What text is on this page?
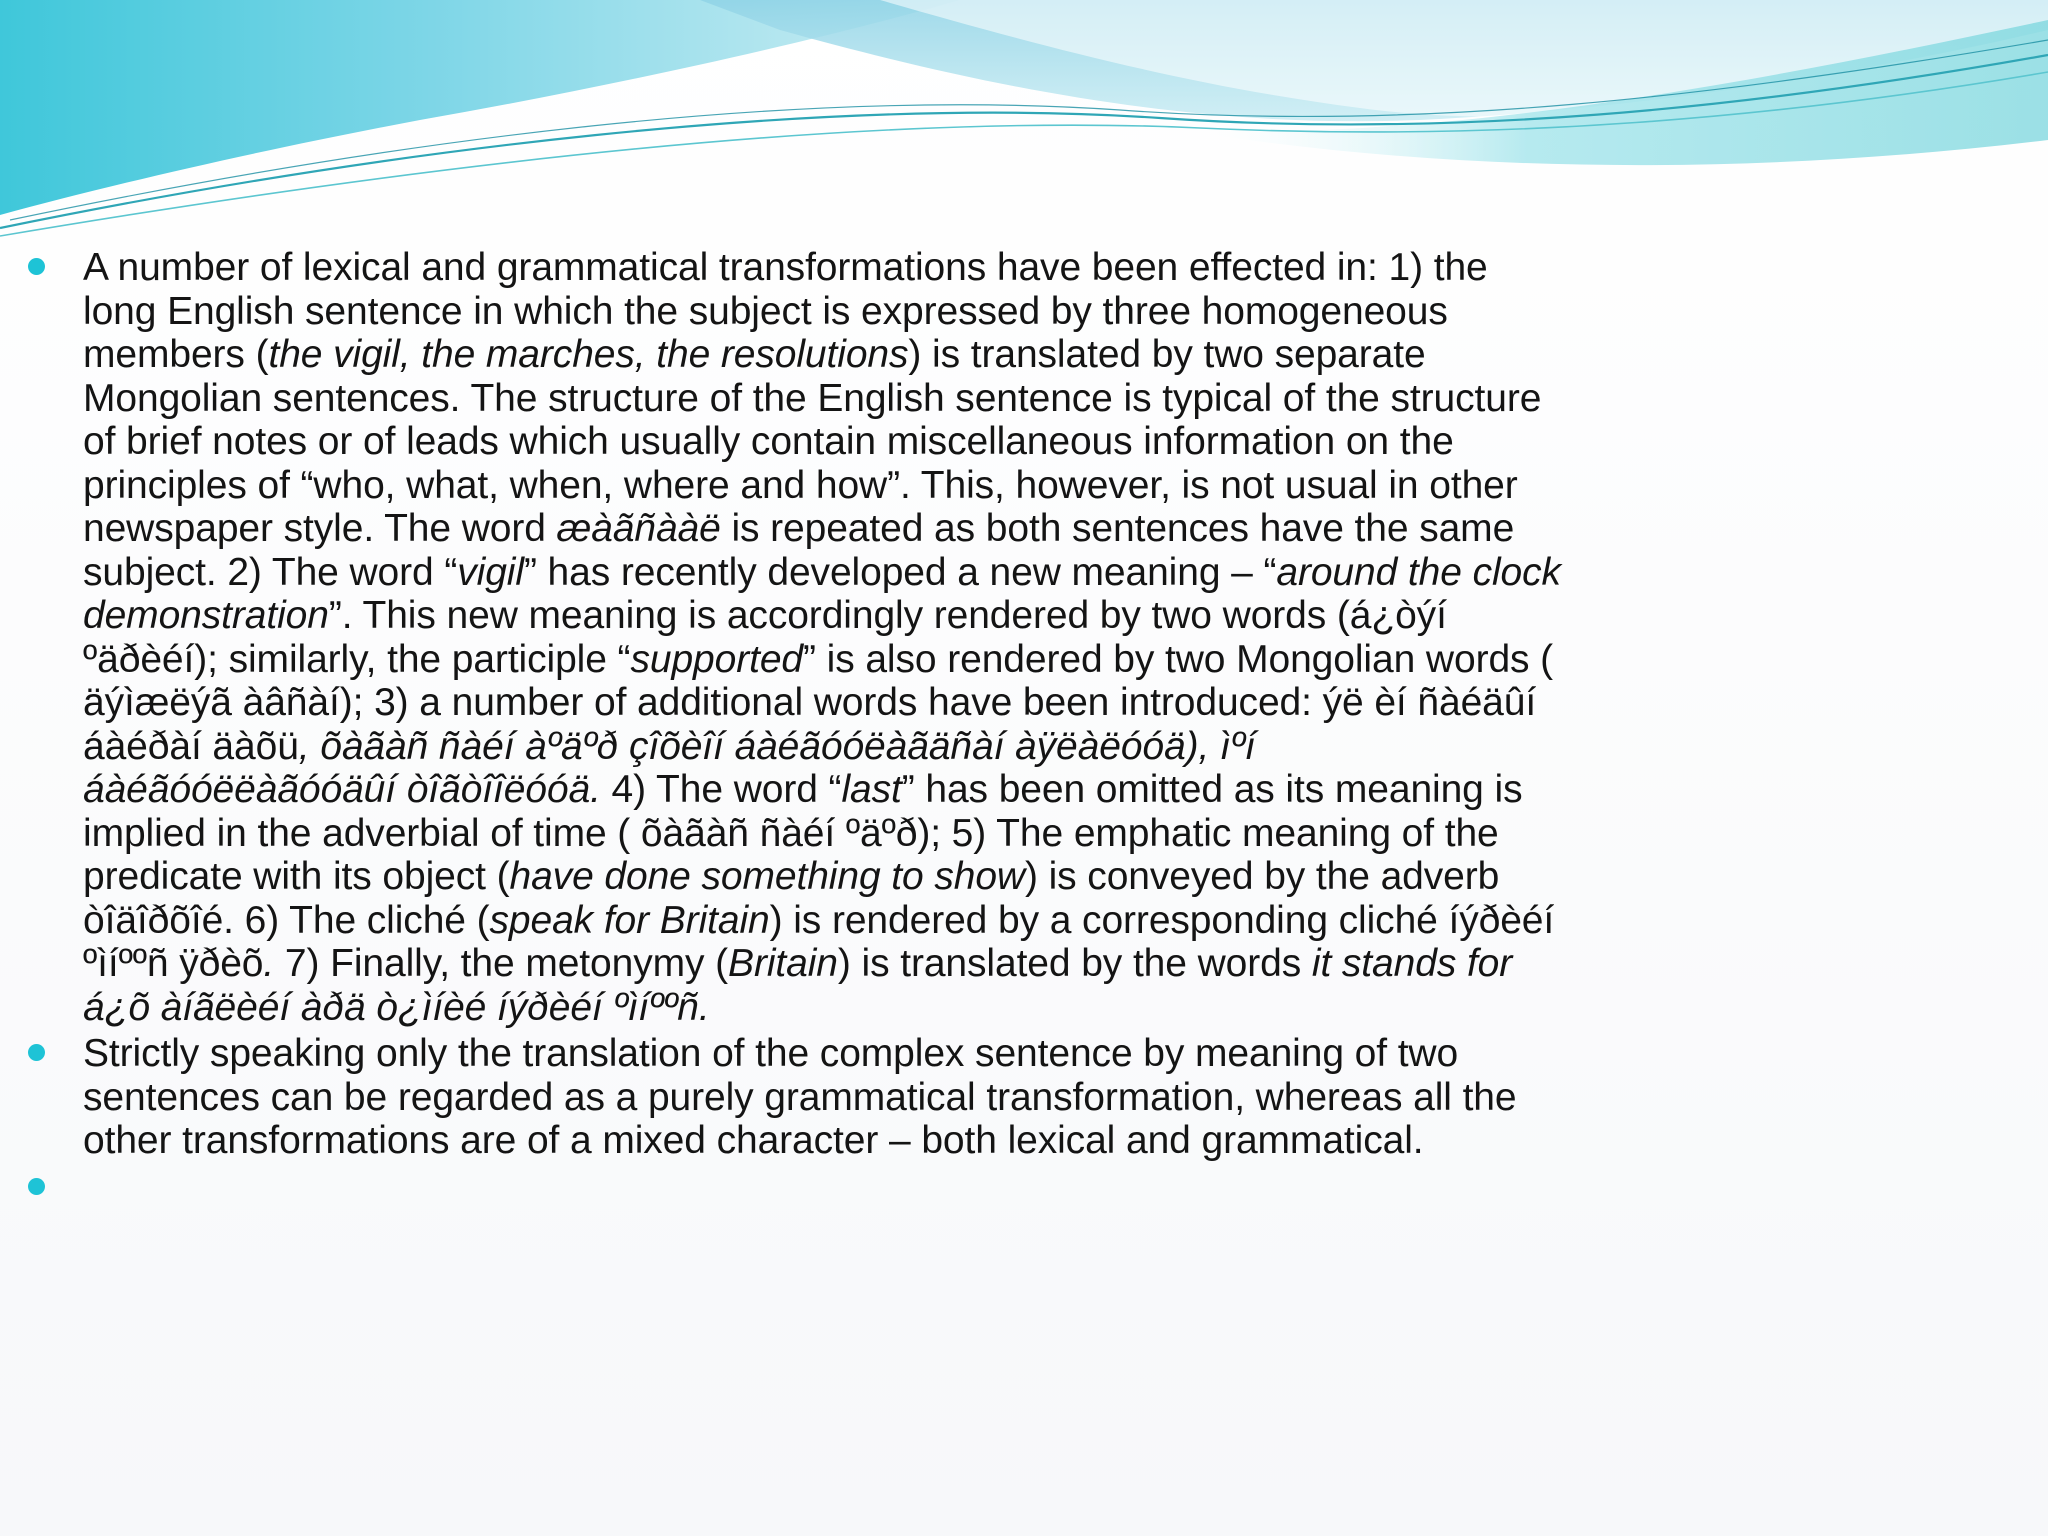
A number of lexical and grammatical transformations have been effected in: 1) the
long English sentence in which the subject is expressed by three homogeneous
members (the vigil, the marches, the resolutions) is translated by two separate
Mongolian sentences. The structure of the English sentence is typical of the structure
of brief notes or of leads which usually contain miscellaneous information on the
principles of “who, what, when, where and how”. This, however, is not usual in other
newspaper style. The word æàãñààë is repeated as both sentences have the same
subject. 2) The word “vigil” has recently developed a new meaning – “around the clock
demonstration”. This new meaning is accordingly rendered by two words (á¿òýí
ºäðèéí); similarly, the participle “supported” is also rendered by two Mongolian words (
äýìæëýã àâñàí); 3) a number of additional words have been introduced: ýë èí ñàéäûí
áàéðàí äàõü, õàãàñ ñàéí àºäºð çîõèîí áàéãóóëàãäñàí àÿëàëóóä), ìºí
áàéãóóëëàãóóäûí òîãòîîëóóä. 4) The word “last” has been omitted as its meaning is
implied in the adverbial of time ( õàãàñ ñàéí ºäºð); 5) The emphatic meaning of the
predicate with its object (have done something to show) is conveyed by the adverb
òîäîðõîé. 6) The cliché (speak for Britain) is rendered by a corresponding cliché íýðèéí
ºìíººñ ÿðèõ. 7) Finally, the metonymy (Britain) is translated by the words it stands for
á¿õ àíãëèéí àðä ò¿ìíèé íýðèéí ºìíººñ.
Strictly speaking only the translation of the complex sentence by meaning of two
sentences can be regarded as a purely grammatical transformation, whereas all the
other transformations are of a mixed character – both lexical and grammatical.
